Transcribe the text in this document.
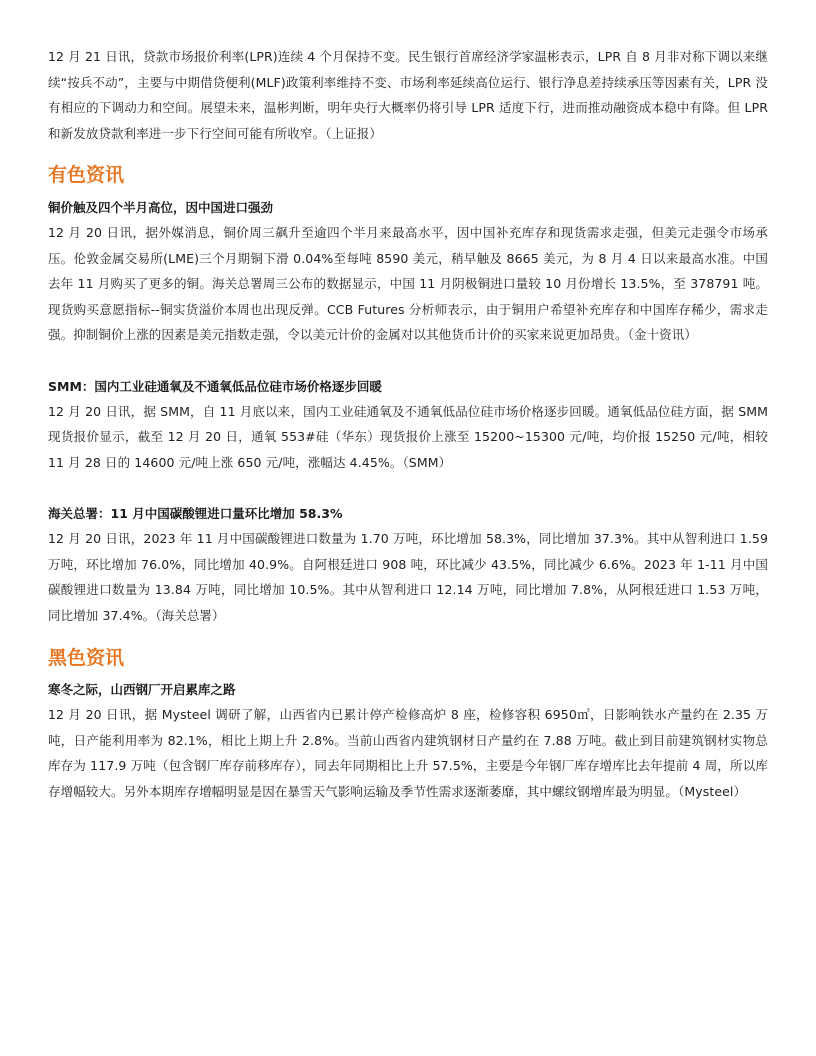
12 月 21 日讯，贷款市场报价利率(LPR)连续 4 个月保持不变。民生银行首席经济学家温彬表示，LPR 自 8 月非对称下调以来继续“按兵不动”，主要与中期借贷便利(MLF)政策利率维持不变、市场利率延续高位运行、银行净息差持续承压等因素有关，LPR 没有相应的下调动力和空间。展望未来，温彬判断，明年央行大概率仍将引导 LPR 适度下行，进而推动融资成本稳中有降。但 LPR 和新发放贷款利率进一步下行空间可能有所收窄。（上证报）

有色资讯
铜价触及四个半月高位，因中国进口强劲

12 月 20 日讯，据外媒消息，铜价周三飙升至逾四个半月来最高水平，因中国补充库存和现货需求走强，但美元走强令市场承压。伦敦金属交易所(LME)三个月期铜下滑 0.04%至每吨 8590 美元，稍早触及 8665 美元，为 8 月 4 日以来最高水准。中国去年 11 月购买了更多的铜。海关总署周三公布的数据显示，中国 11 月阴极铜进口量较 10 月份增长 13.5%，至 378791 吨。现货购买意愿指标--铜实货溢价本周也出现反弹。CCB Futures 分析师表示，由于铜用户希望补充库存和中国库存稀少，需求走强。抑制铜价上涨的因素是美元指数走强，令以美元计价的金属对以其他货币计价的买家来说更加昂贵。（金十资讯）

SMM：国内工业硅通氧及不通氧低品位硅市场价格逐步回暖

12 月 20 日讯，据 SMM，自 11 月底以来，国内工业硅通氧及不通氧低品位硅市场价格逐步回暖。通氧低品位硅方面，据 SMM 现货报价显示，截至 12 月 20 日，通氧 553#硅（华东）现货报价上涨至 15200~15300 元/吨，均价报 15250 元/吨，相较 11 月 28 日的 14600 元/吨上涨 650 元/吨，涨幅达 4.45%。（SMM）

海关总署：11 月中国碳酸锂进口量环比增加 58.3%

12 月 20 日讯，2023 年 11 月中国碳酸锂进口数量为 1.70 万吨，环比增加 58.3%，同比增加 37.3%。其中从智利进口 1.59 万吨，环比增加 76.0%，同比增加 40.9%。自阿根廷进口 908 吨，环比减少 43.5%，同比减少 6.6%。2023 年 1-11 月中国碳酸锂进口数量为 13.84 万吨，同比增加 10.5%。其中从智利进口 12.14 万吨，同比增加 7.8%，从阿根廷进口 1.53 万吨，同比增加 37.4%。（海关总署）

黑色资讯
寒冬之际，山西钢厂开启累库之路

12 月 20 日讯，据 Mysteel 调研了解，山西省内已累计停产检修高炉 8 座，检修容积 6950㎥，日影响铁水产量约在 2.35 万吨，日产能利用率为 82.1%，相比上期上升 2.8%。当前山西省内建筑钢材日产量约在 7.88 万吨。截止到目前建筑钢材实物总库存为 117.9 万吨（包含钢厂库存前移库存），同去年同期相比上升 57.5%，主要是今年钢厂库存增库比去年提前 4 周，所以库存增幅较大。另外本期库存增幅明显是因在暴雪天气影响运输及季节性需求逐渐萎靡，其中螺纹钢增库最为明显。（Mysteel）
